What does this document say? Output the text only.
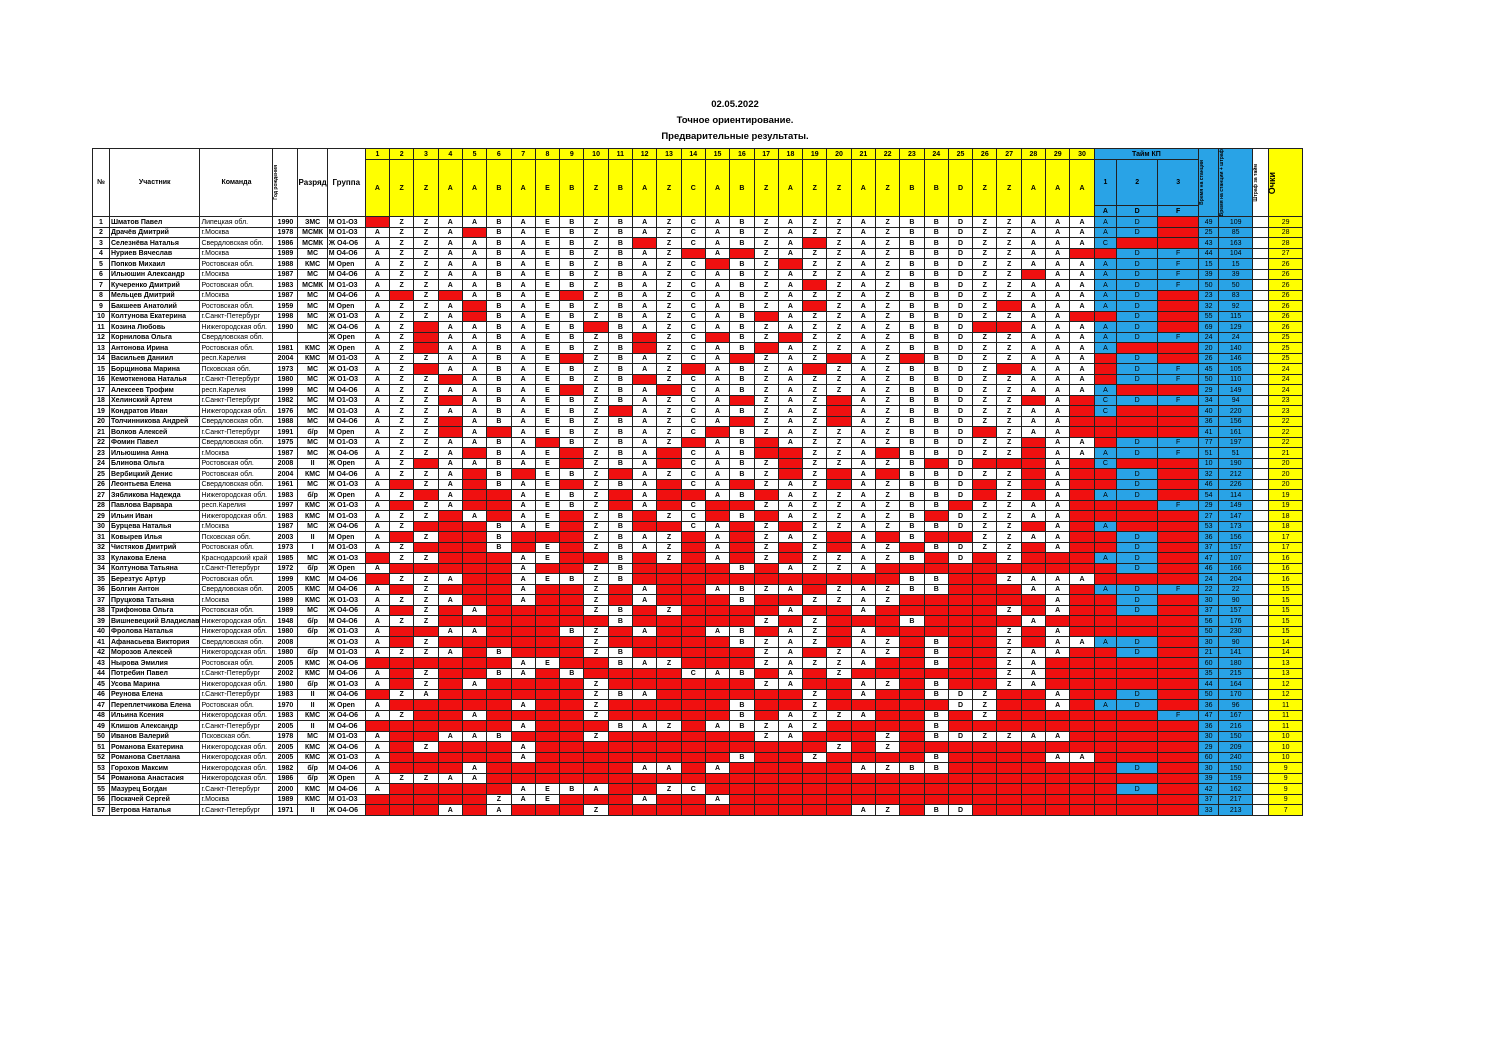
02.05.2022
Точное ориентирование.
Предварительные результаты.
№	Участник	Команда	Год рождения	Разряд	Группа	1	2	3	4	5	6	7	8	9	10	11	12	13	14	15	16	17	18	19	20	21	22	23	24	25	26	27	28	29	30	Тайм КП			Время на станции	Время на станции + штраф	Штраф за тайм	Очки

						A	Z	Z	A	A	B	A	E	B	Z	B	A	Z	C	A	B	Z	A	Z	Z	A	Z	B	B	D	Z	Z	A	A	A	1	2	3				
																																				A	D	F				
1	Шматов Павел	Липецкая обл.	1990	ЗМС	М О1-О3		Z	Z	A	A	B	A	E	B	Z	B	A	Z	C	A	B	Z	A	Z	Z	A	Z	B	B	D	Z	Z	A	A	A	A	D		49	109		29
2	Драчёв Дмитрий	г.Москва	1978	МСМК	М О1-О3	A	Z	Z	A		B	A	E	B	Z	B	A	Z	C	A	B	Z	A	Z	Z	A	Z	B	B	D	Z	Z	A	A	A	A	D		25	85		28
3	Селезнёва Наталья	Свердловская обл.	1986	МСМК	Ж О4-О6	A	Z	Z	A	A	B	A	E	B	Z	B		Z	C	A	B	Z	A		Z	A	Z	B	B	D	Z	Z	A	A	A	C			43	163		28
4	Нуриев Вячеслав	г.Москва	1989	МС	М О4-О6	A	Z	Z	A	A	B	A	E	B	Z	B	A	Z		A		Z	A	Z	Z	A	Z	B	B	D	Z	Z	A	A			D	F	44	104		27
5	Попков Михаил	Ростовская обл.	1988	КМС	М Open	A	Z	Z	A	A	B	A	E	B	Z	B	A	Z	C		B	Z		Z	Z	A	Z	B	B	D	Z	Z	A	A	A	A	D	F	15	15		26
6	Ильюшин Александр	г.Москва	1987	МС	М О4-О6	A	Z	Z	A	A	B	A	E	B	Z	B	A	Z	C	A	B	Z	A	Z	Z	A	Z	B	B	D	Z	Z		A	A	A	D	F	39	39		26
7	Кучеренко Дмитрий	Ростовская обл.	1983	МСМК	М О1-О3	A	Z	Z	A	A	B	A	E	B	Z	B	A	Z	C	A	B	Z	A		Z	A	Z	B	B	D	Z	Z	A	A	A	A	D	F	50	50		26
8	Мельцев Дмитрий	г.Москва	1987	МС	М О4-О6	A		Z		A	B	A	E		Z	B	A	Z	C	A	B	Z	A	Z	Z	A	Z	B	B	D	Z	Z	A	A	A	A	D		23	83		26
9	Бакшеев Анатолий	Ростовская обл.	1959	МС	М Open	A	Z	Z	A		B	A	E	B	Z	B	A	Z	C	A	B	Z	A		Z	A	Z	B	B	D	Z		A	A	A	A	D		32	92		26
10	Колтунова Екатерина	г.Санкт-Петербург	1998	МС	Ж О1-О3	A	Z	Z	A		B	A	E	B	Z	B	A	Z	C	A	B		A	Z	Z	A	Z	B	B	D	Z	Z	A	A			D		55	115		26
11	Козина Любовь	Нижегородская обл.	1990	МС	Ж О4-О6	A	Z		A	A	B	A	E	B		B	A	Z	C	A	B	Z	A	Z	Z	A	Z	B	B	D			A	A	A	A	D		69	129		26
12	Корнилова Ольга	Свердловская обл.			Ж Open	A	Z		A	A	B	A	E	B	Z	B		Z	C		B	Z		Z	Z	A	Z	B	B	D	Z	Z	A	A	A	A	D	F	24	24		25
13	Антонова Ирина	Ростовская обл.	1981	КМС	Ж Open	A	Z		A	A	B	A	E	B	Z	B		Z	C	A	B		A	Z	Z	A	Z	B	B	D	Z	Z	A	A	A	A			20	140		25
14	Васильев Даниил	респ.Карелия	2004	КМС	М О1-О3	A	Z	Z	A	A	B	A	E		Z	B	A	Z	C	A		Z	A	Z		A	Z		B	D	Z	Z	A	A	A		D		26	146		25
15	Борщинова Марина	Псковская обл.	1973	МС	Ж О1-О3	A	Z		A	A	B	A	E	B	Z	B	A	Z		A	B	Z	A		Z	A	Z	B	B	D	Z		A	A	A		D	F	45	105		24
16	Кемоткенова Наталья	г.Санкт-Петербург	1980	МС	Ж О1-О3	A	Z	Z		A	B	A	E	B	Z	B		Z	C	A	B	Z	A	Z	Z	A	Z	B	B	D	Z	Z	A	A	A		D	F	50	110		24
17	Алексеев Трофим	респ.Карелия	1999	МС	М О4-О6	A	Z	Z	A	A	B	A	E		Z	B	A		C	A	B	Z	A	Z	Z	A	Z	B	B	D	Z	Z	A	A	A	A			29	149		24
18	Хелинский Артем	г.Санкт-Петербург	1982	МС	М О1-О3	A	Z	Z		A	B	A	E	B	Z	B	A	Z	C	A		Z	A	Z		A	Z	B	B	D	Z	Z		A		C	D	F	34	94		23
19	Кондратов Иван	Нижегородская обл.	1976	МС	М О1-О3	A	Z	Z	A	A	B	A	E	B	Z		A	Z	C	A	B	Z	A	Z		A	Z	B	B	D	Z	Z	A	A		C			40	220		23
20	Толчинникова Андрей	Свердловская обл.	1988	МС	М О4-О6	A	Z	Z		A	B	A	E	B	Z	B	A	Z	C	A		Z	A	Z		A	Z	B	B	D	Z	Z	A	A					36	156		22
21	Волков Алексей	г.Санкт-Петербург	1991	б/р	М Open	A	Z	Z		A		A	E	B	Z	B	A	Z	C		B	Z	A	Z	Z	A	Z	B	B	D		Z	A	A					41	161		22
22	Фомин Павел	Свердловская обл.	1975	МС	М О1-О3	A	Z	Z	A	A	B	A		B	Z	B	A	Z		A	B		A	Z	Z	A	Z	B	B	D	Z	Z		A	A		D	F	77	197		22
23	Ильюшина Анна	г.Москва	1987	МС	Ж О4-О6	A	Z	Z	A		B	A	E		Z	B	A		C	A	B			Z	Z	A		B	B	D	Z	Z		A	A	A	D	F	51	51		21
24	Блинова Ольга	Ростовская обл.	2008	II	Ж Open	A	Z		A	A	B	A	E		Z	B	A		C	A	B	Z		Z	Z	A	Z	B		D				A		C			10	190		20
25	Вербицкий Денис	Ростовская обл.	2004	КМС	М О4-О6	A	Z	Z	A		B		E	B	Z		A	Z	C	A	B	Z		Z		A		B	B	D	Z	Z		A			D		32	212		20
26	Леонтьева Елена	Свердловская обл.	1961	МС	Ж О1-О3	A		Z	A		B	A	E		Z	B	A		C	A		Z	A	Z		A	Z	B	B	D		Z		A			D		46	226		20
27	Зябликова Надежда	Нижегородская обл.	1983	б/р	Ж Open	A	Z		A			A	E	B	Z		A			A	B		A	Z	Z	A	Z	B	B	D		Z		A		A	D		54	114		19
28	Павлова Варвара	респ.Карелия	1997	КМС	Ж О1-О3	A		Z	A			A	E	B	Z		A		C			Z	A	Z	Z	A	Z	B	B		Z	Z	A	A				F	29	149		19
29	Ильин Иван	Нижегородская обл.	1983	КМС	М О1-О3	A	Z	Z		A		A	E		Z	B		Z	C		B		A	Z	Z	A	Z	B		D	Z	Z	A	A					27	147		18
30	Бурцева Наталья	г.Москва	1987	МС	Ж О4-О6	A	Z				B	A	E		Z	B			C	A		Z		Z	Z	A	Z	B	B	D	Z	Z		A		A			53	173		18
31	Ковырев Илья	Псковская обл.	2003	II	М Open	A		Z			B				Z	B	A	Z		A		Z	A	Z		A		B			Z	Z	A	A			D		36	156		17
32	Чистяков Дмитрий	Ростовская обл.	1973	I	М О1-О3	A	Z				B		E		Z	B	A	Z		A		Z		Z		A	Z		B	D	Z	Z		A			D		37	157		17
33	Кулакова Елена	Краснодарский край	1985	МС	Ж О1-О3		Z	Z				A	E			B		Z		A		Z		Z	Z	A	Z	B		D		Z				A	D		47	107		16
34	Колтунова Татьяна	г.Санкт-Петербург	1972	б/р	Ж Open	A						A			Z	B					B		A	Z	Z	A											D		46	166		16
35	Березтус Артур	Ростовская обл.	1999	КМС	М О4-О6		Z	Z	A			A	E	B	Z	B												B	B			Z	A	A	A				24	204		16
36	Болгин Антон	Свердловская обл.	2005	КМС	М О4-О6	A		Z				A			Z		A			A	B	Z	A		Z	A	Z	B	B				A	A		A	D	F	22	22		15
37	Пруцкова Татьяна	г.Москва	1989	КМС	Ж О1-О3	A	Z	Z	A			A			Z		A				B			Z	Z	A	Z							A			D		30	90		15
38	Трифонова Ольга	Ростовская обл.	1989	МС	Ж О4-О6	A		Z		A					Z	B		Z					A			A						Z		A			D		37	157		15
39	Вишневецкий Владислав	Нижегородская обл.	1948	б/р	М О4-О6	A	Z	Z								B						Z		Z				B					A						56	176		15
40	Фролова Наталья	Нижегородская обл.	1980	б/р	Ж О1-О3	A			A	A				B	Z		A			A	B		A	Z		A						Z		A					50	230		15
41	Афанасьева Виктория	Свердловская обл.	2008		Ж О1-О3	A		Z							Z						B	Z	A	Z		A	Z		B			Z		A	A	A	D		30	90		14
42	Морозов Алексей	Нижегородская обл.	1980	б/р	М О1-О3	A	Z	Z	A		B				Z	B						Z	A		Z	A	Z		B			Z	A	A			D		21	141		14
43	Нырова Эмилия	Ростовская обл.	2005	КМС	Ж О4-О6							A	E			B	A	Z				Z	A	Z	Z	A			B			Z	A						60	180		13
44	Потребин Павел	г.Санкт-Петербург	2002	КМС	М О4-О6	A		Z			B	A		B					C	A	B		A		Z							Z	A						35	215		13
45	Усова Марина	Нижегородская обл.	1980	б/р	Ж О1-О3	A		Z		A					Z							Z	A			A	Z		B			Z	A						44	164		12
46	Реунова Елена	г.Санкт-Петербург	1983	II	Ж О4-О6		Z	A							Z	B	A							Z		A			B	D	Z			A			D		50	170		12
47	Переплетчикова Елена	Ростовская обл.	1970	II	Ж Open	A						A			Z						B			Z						D	Z			A		A	D		36	96		11
48	Ильина Ксения	Нижегородская обл.	1983	КМС	Ж О4-О6	A	Z			A					Z						B		A	Z	Z	A			B		Z							F	47	167		11
49	Клишов Александр	г.Санкт-Петербург	2005	II	М О4-О6							A				B	A	Z		A	B	Z	A	Z					B										36	216		11
50	Иванов Валерий	Псковская обл.	1978	МС	М О1-О3	A			A	A	B				Z							Z	A				Z		B	D	Z	Z	A	A					30	150		10
51	Романова Екатерина	Нижегородская обл.	2005	КМС	Ж О4-О6	A		Z				A													Z		Z												29	209		10
52	Романова Светлана	Нижегородская обл.	2005	КМС	Ж О1-О3	A						A									B			Z					B					A	A				60	240		10
53	Горохов Максим	Нижегородская обл.	1982	б/р	М О4-О6	A				A							A	A		A						A	Z	B	B								D		30	150		9
54	Романова Анастасия	Нижегородская обл.	1986	б/р	Ж Open	A	Z	Z	A	A																													39	159		9
55	Мазурец Богдан	г.Санкт-Петербург	2000	КМС	М О4-О6	A						A	E	B	A			Z	C																		D		42	162		9
56	Поскачей Сергей	г.Москва	1989	КМС	М О1-О3						Z	A	E				A			A																			37	217		9
57	Ветрова Наталья	г.Санкт-Петербург	1971	II	Ж О4-О6				A		A				Z											A	Z		B	D									33	213		7
